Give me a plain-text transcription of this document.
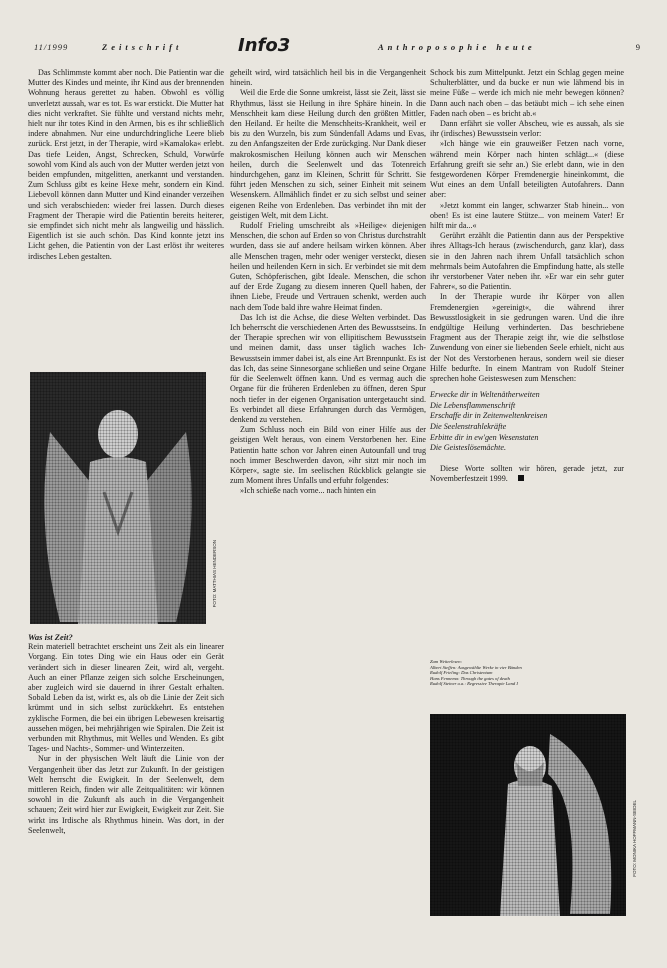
11/1999	Zeitschrift	Info3	Anthroposophie heute	9

Das Schlimmste kommt aber noch. Die Patientin war die Mutter des Kindes und meinte, ihr Kind aus der brennenden Wohnung heraus gerettet zu haben. Obwohl es völlig unverletzt aussah, war es tot. Es war erstickt. Die Mutter hat dies nicht verkraftet. Sie fühlte und verstand nichts mehr, hielt nur ihr totes Kind in den Armen, bis es ihr schließlich indere abnahmen. Nur eine undurchdringliche Leere blieb zurück. Erst jetzt, in der Therapie, wird »Kamaloka« erlebt. Das tiefe Leiden, Angst, Schrecken, Schuld, Vorwürfe sowohl vom Kind als auch von der Mutter werden jetzt von beiden empfunden, mitgelitten, anerkannt und verstanden. Zum Schluss gibt es keine Hexe mehr, sondern ein Kind. Liebevoll können dann Mutter und Kind einander verzeihen und sich verabschieden: wieder frei lassen. Durch dieses Fragment der Therapie wird die Patientin bereits heiterer, sie empfindet sich nicht mehr als langweilig und hässlich. Eigentlich ist sie auch schön. Das Kind konnte jetzt ins Licht gehen, die Patientin von der Last erlöst ihr weiteres irdisches Leben gestalten.

FOTO: MATTHIAS HENDERSON
Was ist Zeit?

Rein materiell betrachtet erscheint uns Zeit als ein linearer Vorgang. Ein totes Ding wie ein Haus oder ein Gerät verändert sich in dieser linearen Zeit, wird alt, vergeht. Auch an einer Pflanze zeigen sich solche Erscheinungen, aber zugleich wird sie dauernd in ihrer Gestalt erhalten. Sobald Leben da ist, wirkt es, als ob die Linie der Zeit sich krümmt und in sich selbst zurückkehrt. Es entstehen zyklische Formen, die bei ein übrigen Lebewesen kreisartig aussehen mögen, bei mehrjährigen wie Spiralen. Die Zeit ist verbunden mit Rhythmus, mit Welles und Wenden. Es gibt Tages- und Nachts-, Sommer- und Winterzeiten.

Nur in der physischen Welt läuft die Linie von der Vergangenheit über das Jetzt zur Zukunft. In der geistigen Welt herrscht die Ewigkeit. In der Seelenwelt, dem mittleren Reich, finden wir alle Zeitqualitäten: wir können sowohl in die Zukunft als auch in die Vergangenheit schauen; Zeit wird hier zur Ewigkeit, Ewigkeit zur Zeit. Sie wirkt ins Irdische als Rhythmus hinein. Was dort, in der Seelenwelt,

geheilt wird, wird tatsächlich heil bis in die Vergangenheit hinein.

Weil die Erde die Sonne umkreist, lässt sie Zeit, lässt sie Rhythmus, lässt sie Heilung in ihre Sphäre hinein. In die Menschheit kam diese Heilung durch den größten Mittler, den Heiland. Er heilte die Menschheits-Krankheit, weil er bis zu den Wurzeln, bis zum Sündenfall Adams und Evas, zu den Anfangszeiten der Erde zurückging. Nur Dank dieser makrokosmischen Heilung können auch wir Menschen heilen, durch die Seelenwelt und das Totenreich hindurchgehen, ganz im Kleinen, Schritt für Schritt. Sie führt jeden Menschen zu sich, seiner Einheit mit seinem Wesenskern. Allmählich findet er zu sich selbst und seiner eigenen Reihe von Erdenleben. Das verbindet ihn mit der geistigen Welt, mit dem Licht.

Rudolf Frieling umschreibt als »Heilige« diejenigen Menschen, die schon auf Erden so von Christus durchstrahlt wurden, dass sie auf andere heilsam wirken können. Aber alle Menschen tragen, mehr oder weniger versteckt, diesen heilen und heilenden Kern in sich. Er verbindet sie mit dem Guten, Schöpferischen, gibt Ideale. Menschen, die schon auf der Erde Zugang zu diesem inneren Quell haben, der ihnen Liebe, Freude und Vertrauen schenkt, werden auch nach dem Tode bald ihre wahre Heimat finden.

Das Ich ist die Achse, die diese Welten verbindet. Das Ich beherrscht die verschiedenen Arten des Bewusstseins. In der Therapie sprechen wir von ellipitischem Bewusstsein und meinen damit, dass unser täglich waches Ich-Bewusstsein immer dabei ist, als eine Art Brennpunkt. Es ist das Ich, das seine Sinnesorgane schließen und seine Organe für die Seelenwelt öffnen kann. Und es vermag auch die Organe für die früheren Erdenleben zu öffnen, deren Spur noch tiefer in der eigenen Organisation untergetaucht sind. Es verbindet all diese Erfahrungen durch das Vermögen, denkend zu verstehen.

Zum Schluss noch ein Bild von einer Hilfe aus der geistigen Welt heraus, von einem Verstorbenen her. Eine Patientin hatte schon vor Jahren einen Autounfall und trug noch immer Beschwerden davon, »ihr sitzt mir noch im Körper«, sagte sie. Im seelischen Rückblick gelangte sie zum Moment ihres Unfalls und erfuhr folgendes:

»Ich schieße nach vorne... nach hinten ein

Schock bis zum Mittelpunkt. Jetzt ein Schlag gegen meine Schulterblätter, und da bucke er nun wie lähmend bis in meine Füße – werde ich mich nie mehr bewegen können? Dann auch nach oben – das betäubt mich – ich sehe einen Faden nach oben – es bricht ab.«

Dann erfährt sie voller Abscheu, wie es aussah, als sie ihr (irdisches) Bewusstsein verlor:

»Ich hänge wie ein grauweißer Fetzen nach vorne, während mein Körper nach hinten schlägt...« (diese Erfahrung greift sie sehr an.) Sie erlebt dann, wie in den festgewordenen Körper Fremdenergie hineinkommt, die Wut eines an dem Unfall beteiligten Autofahrers. Dann aber:

»Jetzt kommt ein langer, schwarzer Stab hinein... von oben! Es ist eine lautere Stütze... von meinem Vater! Er hilft mir da...«

Gerührt erzählt die Patientin dann aus der Perspektive ihres Alltags-Ich heraus (zwischendurch, ganz klar), dass sie in den Jahren nach ihrem Unfall tatsächlich schon mehrmals beim Autofahren die Empfindung hatte, als stelle ihr verstorbener Vater neben ihr. »Er war ein sehr guter Fahrer«, so die Patientin.

In der Therapie wurde ihr Körper von allen Fremdenergien »gereinigt«, die während ihrer Bewusstlosigkeit in sie gedrungen waren. Und die ihre endgültige Heilung verhinderten. Das beschriebene Fragment aus der Therapie zeigt ihr, wie die selbstlose Zuwendung von einer sie liebenden Seele erhielt, nicht aus der Not des Verstorbenen heraus, sondern weil sie dieser Hilfe bedurfte. In einem Mantram von Rudolf Steiner sprechen hohe Geisteswesen zum Menschen:

Erwecke dir in Weltenätherweiten
Die Lebensflammenschrift
Erschaffe dir in Zeitenweltenkreisen
Die Seelenstrahlekräfte
Erbitte dir in ew'gen Wesenstaten
Die Geisteslösemächte.

Diese Worte sollten wir hören, gerade jetzt, zur Novemberfestzeit 1999.

Zum Weiterlesen:
Albert Steffen: Ausgewählte Werke in vier Bänden
Rudolf Frieling: Das Christentum
Hans Fennema: Through the gates of death
Rudolf Steiner u.a.: Regressive Therapie Land I
FOTO: MONIKA HOFFMANN-SEIDEL
